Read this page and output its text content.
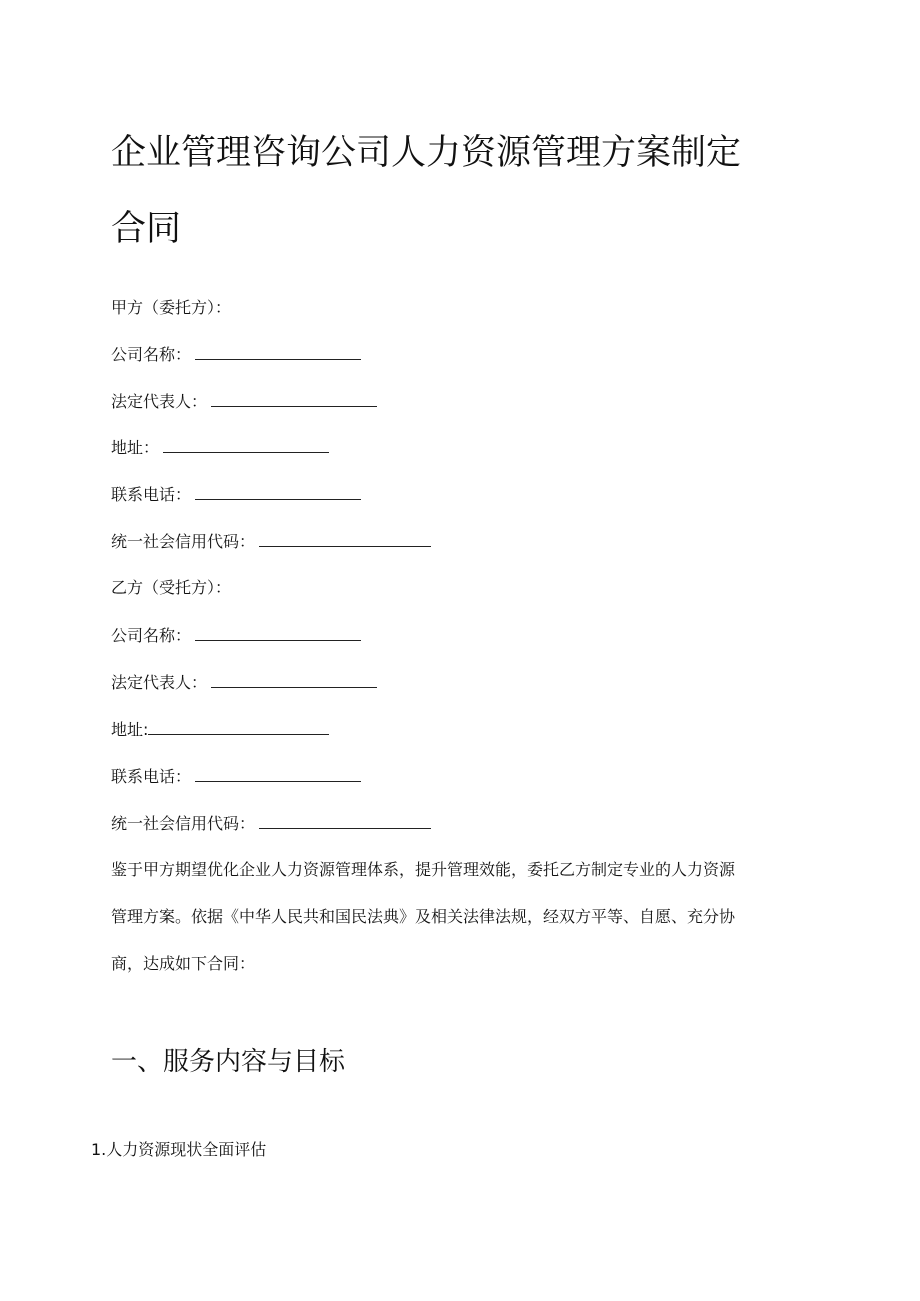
企业管理咨询公司人力资源管理方案制定
合同
甲方（委托方）：
公司名称：
法定代表人：
地址：
联系电话：
统一社会信用代码：
乙方（受托方）：
公司名称：
法定代表人：
地址:
联系电话：
统一社会信用代码：
鉴于甲方期望优化企业人力资源管理体系，提升管理效能，委托乙方制定专业的人力资源
管理方案。依据《中华人民共和国民法典》及相关法律法规，经双方平等、自愿、充分协
商，达成如下合同：
一、服务内容与目标
1.人力资源现状全面评估
